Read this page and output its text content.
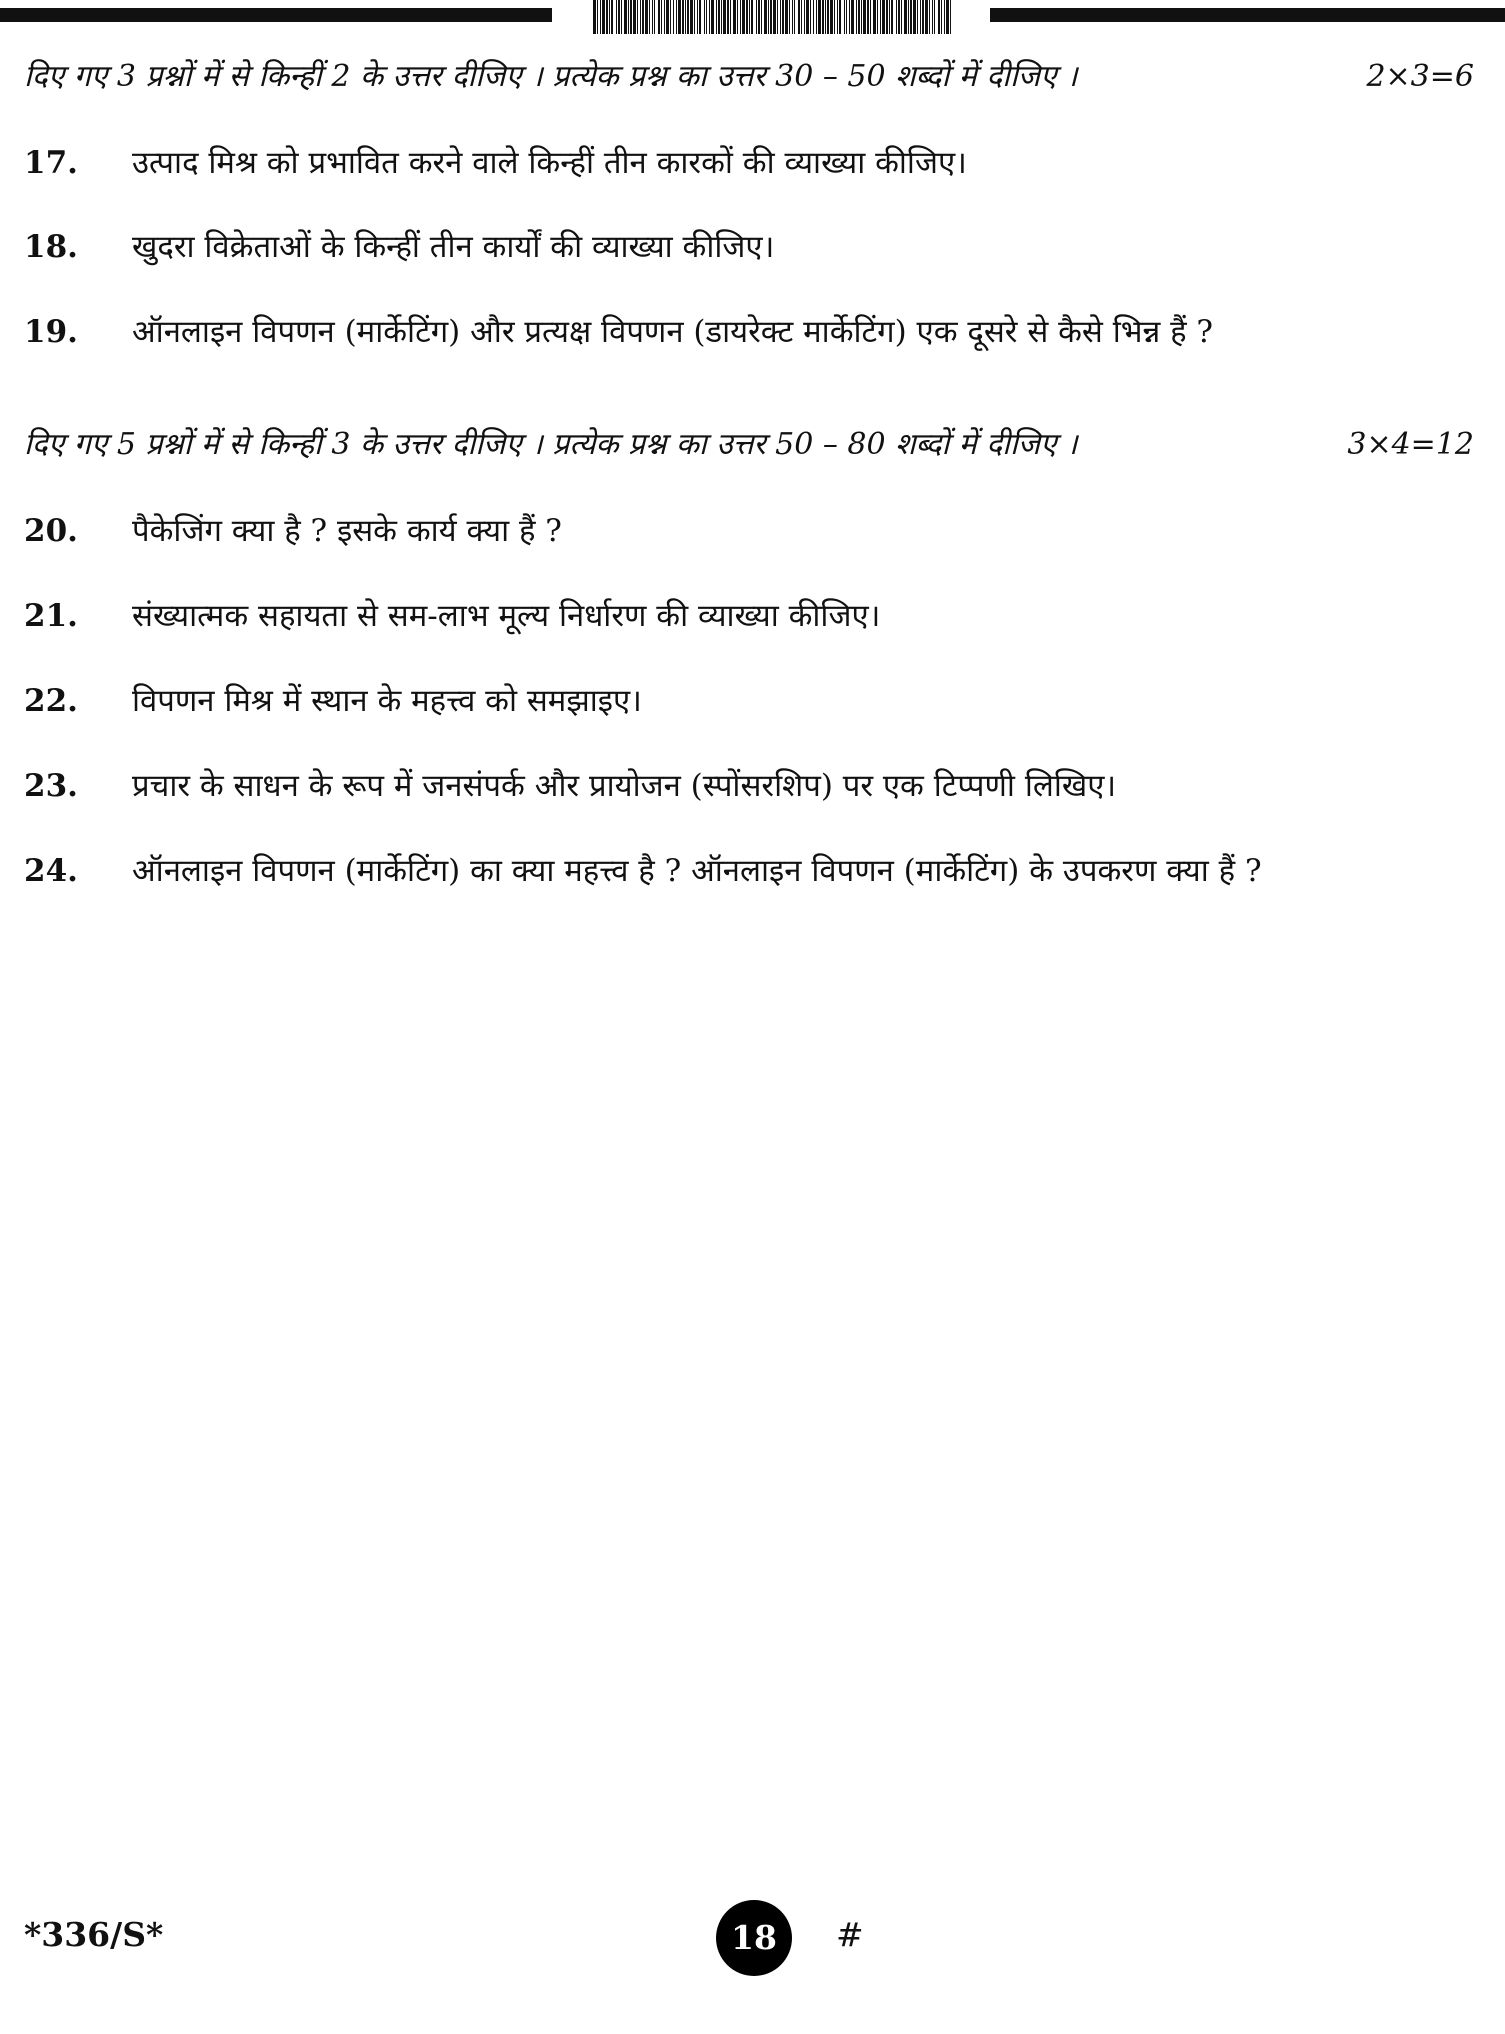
दिए गए 3 प्रश्नों में से किन्हीं 2 के उत्तर दीजिए । प्रत्येक प्रश्न का उत्तर 30 – 50 शब्दों में दीजिए ।	2×3=6
17. उत्पाद मिश्र को प्रभावित करने वाले किन्हीं तीन कारकों की व्याख्या कीजिए।
18. खुदरा विक्रेताओं के किन्हीं तीन कार्यों की व्याख्या कीजिए।
19. ऑनलाइन विपणन (मार्केटिंग) और प्रत्यक्ष विपणन (डायरेक्ट मार्केटिंग) एक दूसरे से कैसे भिन्न हैं ?
दिए गए 5 प्रश्नों में से किन्हीं 3 के उत्तर दीजिए । प्रत्येक प्रश्न का उत्तर 50 – 80 शब्दों में दीजिए ।	3×4=12
20. पैकेजिंग क्या है ? इसके कार्य क्या हैं ?
21. संख्यात्मक सहायता से सम-लाभ मूल्य निर्धारण की व्याख्या कीजिए।
22. विपणन मिश्र में स्थान के महत्त्व को समझाइए।
23. प्रचार के साधन के रूप में जनसंपर्क और प्रायोजन (स्पोंसरशिप) पर एक टिप्पणी लिखिए।
24. ऑनलाइन विपणन (मार्केटिंग) का क्या महत्त्व है ? ऑनलाइन विपणन (मार्केटिंग) के उपकरण क्या हैं ?
*336/S*	18	#
